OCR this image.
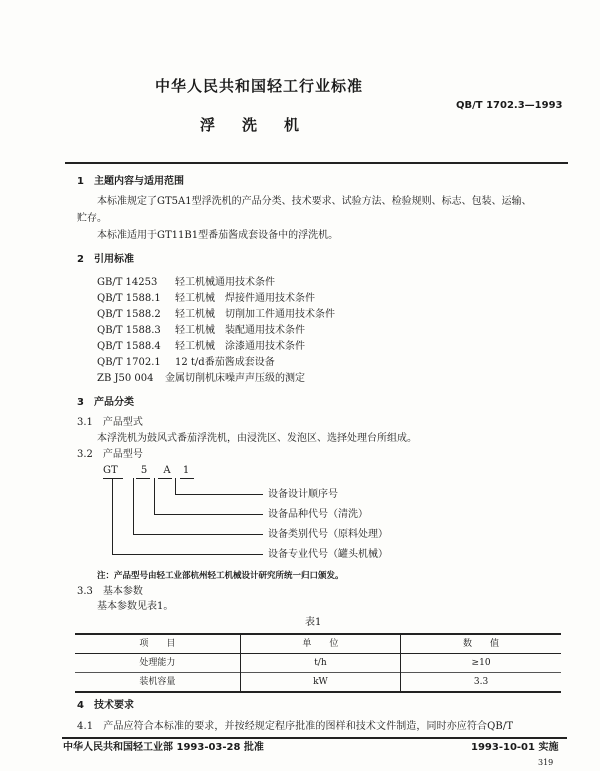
中华人民共和国轻工行业标准
QB/T 1702.3—1993
浮　洗　机
1　主题内容与适用范围
本标准规定了GT5A1型浮洗机的产品分类、技术要求、试验方法、检验规则、标志、包装、运输、
贮存。
本标准适用于GT11B1型番茄酱成套设备中的浮洗机。
2　引用标准
GB/T 14253 轻工机械通用技术条件
QB/T 1588.1 轻工机械　焊接件通用技术条件
QB/T 1588.2 轻工机械　切削加工件通用技术条件
QB/T 1588.3 轻工机械　装配通用技术条件
QB/T 1588.4 轻工机械　涂漆通用技术条件
QB/T 1702.1 12 t/d番茄酱成套设备
ZB J50 004 金属切削机床噪声声压级的测定
3　产品分类
3.1　产品型式
本浮洗机为鼓风式番茄浮洗机，由浸洗区、发泡区、选择处理台所组成。
3.2　产品型号
GT 5 A 1
设备设计顺序号
设备品种代号（清洗）
设备类别代号（原料处理）
设备专业代号（罐头机械）
注：产品型号由轻工业部杭州轻工机械设计研究所统一归口颁发。
3.3　基本参数
基本参数见表1。
表1
项　　目	单　　位	数　　值
处理能力	t/h	≥10
装机容量	kW	3.3
4　技术要求
4.1　产品应符合本标准的要求，并按经规定程序批准的图样和技术文件制造，同时亦应符合QB/T
中华人民共和国轻工业部 1993-03-28 批准	1993-10-01 实施
319
